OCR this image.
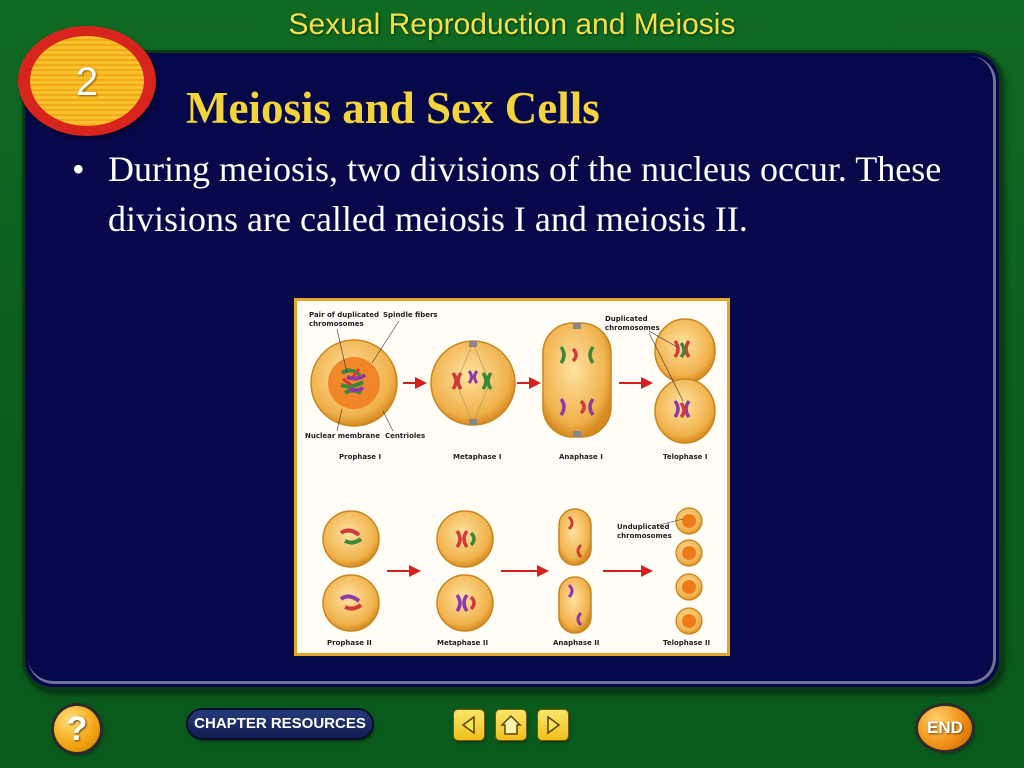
Sexual Reproduction and Meiosis
2
Meiosis and Sex Cells
• During meiosis, two divisions of the nucleus occur. These divisions are called meiosis I and meiosis II.
Pair of duplicated
chromosomes
Spindle fibers
Nuclear membrane Centrioles
Prophase I	Metaphase I	Anaphase I
Duplicated
chromosomes
Telophase I
Prophase II	Metaphase II	Anaphase II
Unduplicated
chromosomes
Telophase II
?	CHAPTER RESOURCES	END
